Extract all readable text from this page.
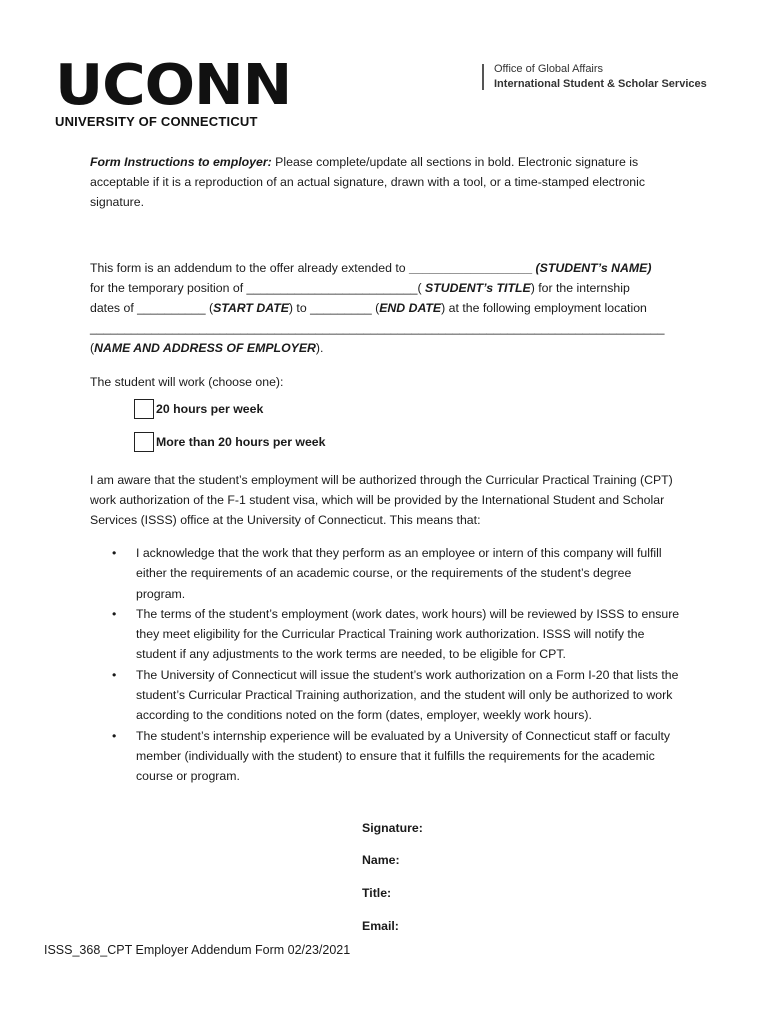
UCONN
UNIVERSITY OF CONNECTICUT
Office of Global Affairs
International Student & Scholar Services
Form Instructions to employer: Please complete/update all sections in bold. Electronic signature is acceptable if it is a reproduction of an actual signature, drawn with a tool, or a time-stamped electronic signature.
This form is an addendum to the offer already extended to __________________ (STUDENT’s NAME)
for the temporary position of _________________________( STUDENT’s TITLE) for the internship
dates of __________ (START DATE) to _________ (END DATE) at the following employment location
____________________________________________________________________________________
(NAME AND ADDRESS OF EMPLOYER).
The student will work (choose one):
20 hours per week
More than 20 hours per week
I am aware that the student’s employment will be authorized through the Curricular Practical Training (CPT) work authorization of the F-1 student visa, which will be provided by the International Student and Scholar Services (ISSS) office at the University of Connecticut. This means that:

• I acknowledge that the work that they perform as an employee or intern of this company will fulfill either the requirements of an academic course, or the requirements of the student’s degree program.

• The terms of the student’s employment (work dates, work hours) will be reviewed by ISSS to ensure they meet eligibility for the Curricular Practical Training work authorization. ISSS will notify the student if any adjustments to the work terms are needed, to be eligible for CPT.

• The University of Connecticut will issue the student’s work authorization on a Form I-20 that lists the student’s Curricular Practical Training authorization, and the student will only be authorized to work according to the conditions noted on the form (dates, employer, weekly work hours).

• The student’s internship experience will be evaluated by a University of Connecticut staff or faculty member (individually with the student) to ensure that it fulfills the requirements for the academic course or program.

Signature:
Name:
Title:
Email:
ISSS_368_CPT Employer Addendum Form 02/23/2021
